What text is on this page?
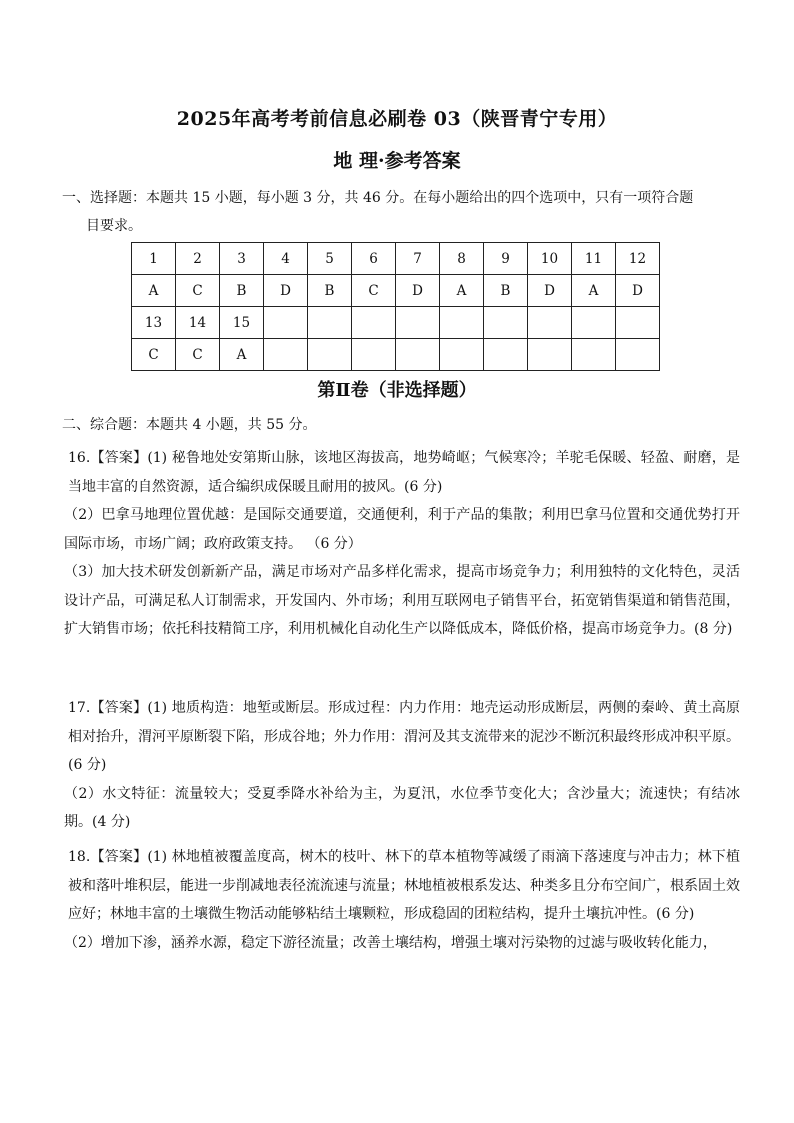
2025年高考考前信息必刷卷 03（陕晋青宁专用）
地 理·参考答案
一、选择题：本题共 15 小题，每小题 3 分，共 46 分。在每小题给出的四个选项中，只有一项符合题
目要求。
1	2	3	4	5	6	7	8	9	10	11	12
A	C	B	D	B	C	D	A	B	D	A	D
13	14	15									
C	C	A									
第Ⅱ卷（非选择题）
二、综合题：本题共 4 小题，共 55 分。

16.【答案】(1) 秘鲁地处安第斯山脉，该地区海拔高，地势崎岖；气候寒冷；羊驼毛保暖、轻盈、耐磨，是当地丰富的自然资源，适合编织成保暖且耐用的披风。(6 分)

（2）巴拿马地理位置优越：是国际交通要道，交通便利，利于产品的集散；利用巴拿马位置和交通优势打开国际市场，市场广阔；政府政策支持。 （6 分）

（3）加大技术研发创新新产品，满足市场对产品多样化需求，提高市场竞争力；利用独特的文化特色，灵活设计产品，可满足私人订制需求，开发国内、外市场；利用互联网电子销售平台，拓宽销售渠道和销售范围，扩大销售市场；依托科技精简工序，利用机械化自动化生产以降低成本，降低价格，提高市场竞争力。(8 分)

17.【答案】(1) 地质构造：地堑或断层。形成过程：内力作用：地壳运动形成断层，两侧的秦岭、黄土高原相对抬升，渭河平原断裂下陷，形成谷地；外力作用：渭河及其支流带来的泥沙不断沉积最终形成冲积平原。(6 分)

（2）水文特征：流量较大；受夏季降水补给为主，为夏汛，水位季节变化大；含沙量大；流速快；有结冰期。(4 分)

18.【答案】(1) 林地植被覆盖度高，树木的枝叶、林下的草本植物等减缓了雨滴下落速度与冲击力；林下植被和落叶堆积层，能进一步削减地表径流流速与流量；林地植被根系发达、种类多且分布空间广，根系固土效应好；林地丰富的土壤微生物活动能够粘结土壤颗粒，形成稳固的团粒结构，提升土壤抗冲性。(6 分)

（2）增加下渗，涵养水源，稳定下游径流量；改善土壤结构，增强土壤对污染物的过滤与吸收转化能力，
